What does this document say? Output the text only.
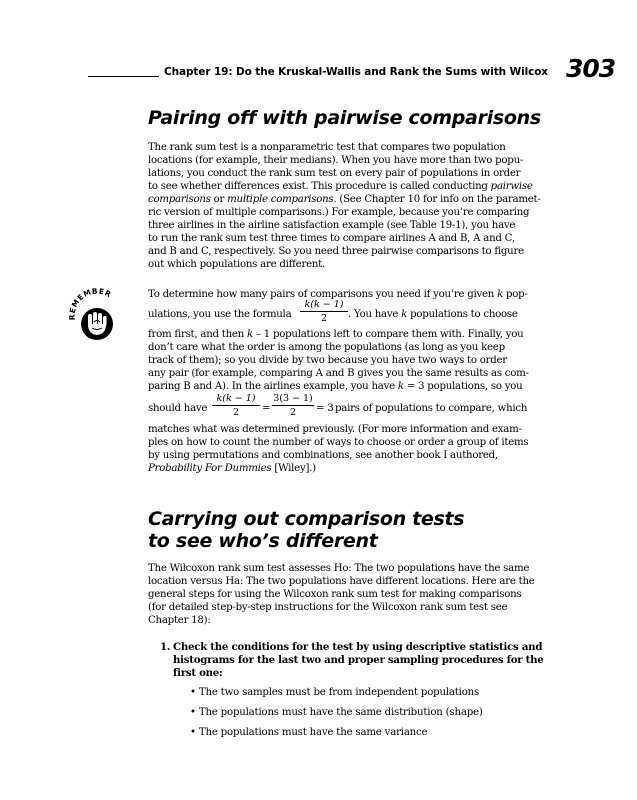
Chapter 19: Do the Kruskal-Wallis and Rank the Sums with Wilcox 303
Pairing off with pairwise comparisons
The rank sum test is a nonparametric test that compares two population
locations (for example, their medians). When you have more than two popu-
lations, you conduct the rank sum test on every pair of populations in order
to see whether differences exist. This procedure is called conducting pairwise
comparisons or multiple comparisons. (See Chapter 10 for info on the paramet-
ric version of multiple comparisons.) For example, because you’re comparing
three airlines in the airline satisfaction example (see Table 19-1), you have
to run the rank sum test three times to compare airlines A and B, A and C,
and B and C, respectively. So you need three pairwise comparisons to figure
out which populations are different.
REMEMBER	To determine how many pairs of comparisons you need if you’re given k pop-
k(k − 1)
2
ulations, you use the formula	. You have k populations to choose
from first, and then k – 1 populations left to compare them with. Finally, you
don’t care what the order is among the populations (as long as you keep
track of them); so you divide by two because you have two ways to order
any pair (for example, comparing A and B gives you the same results as com-
paring B and A). In the airlines example, you have k = 3 populations, so you
should have
k(k − 1)
2	=
3(3 − 1)
2	= 3 pairs of populations to compare, which
matches what was determined previously. (For more information and exam-
ples on how to count the number of ways to choose or order a group of items
by using permutations and combinations, see another book I authored,
Probability For Dummies [Wiley].)
Carrying out comparison tests
to see who’s different
The Wilcoxon rank sum test assesses Ho: The two populations have the same
location versus Ha: The two populations have different locations. Here are the
general steps for using the Wilcoxon rank sum test for making comparisons
(for detailed step-by-step instructions for the Wilcoxon rank sum test see
Chapter 18):
1. Check the conditions for the test by using descriptive statistics and
histograms for the last two and proper sampling procedures for the
first one:
• The two samples must be from independent populations
• The populations must have the same distribution (shape)
• The populations must have the same variance
